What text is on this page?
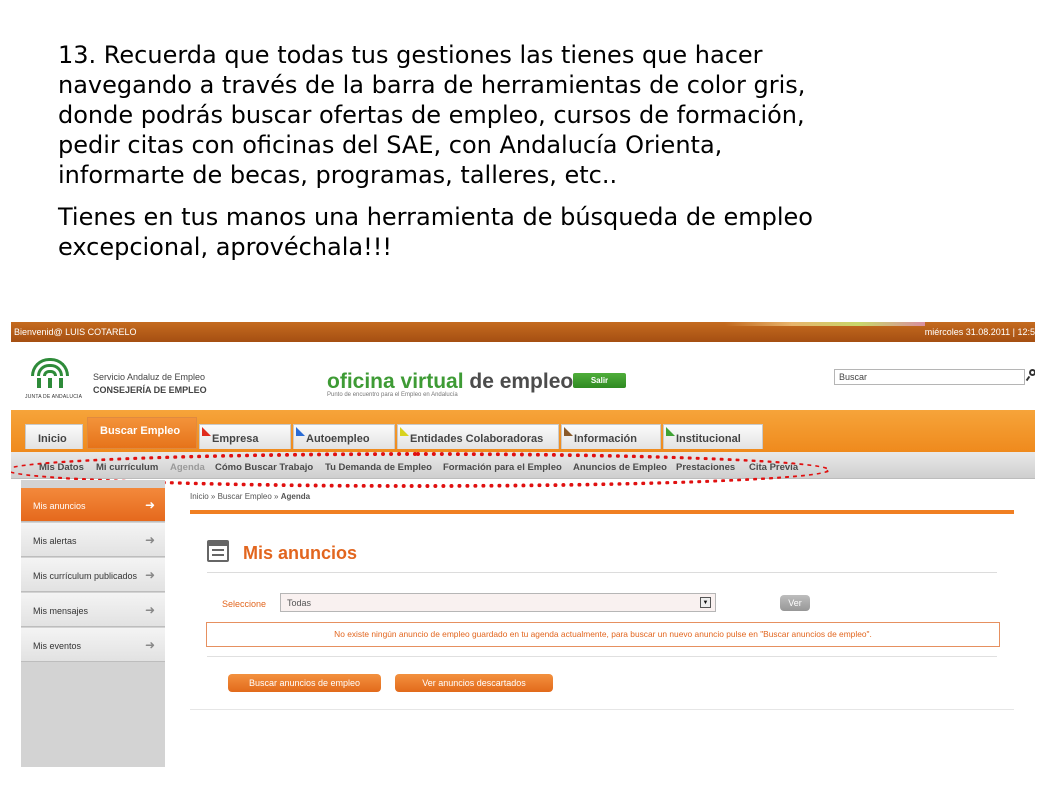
13. Recuerda que todas tus gestiones las tienes que hacer
navegando a través de la barra de herramientas de color gris,
donde podrás buscar ofertas de empleo, cursos de formación,
pedir citas con oficinas del SAE, con Andalucía Orienta,
informarte de becas, programas, talleres, etc..

Tienes en tus manos una herramienta de búsqueda de empleo
excepcional, aprovéchala!!!

Bienvenid@ LUIS COTARELO	miércoles 31.08.2011 | 12:5
JUNTA DE ANDALUCIA
Servicio Andaluz de Empleo
CONSEJERÍA DE EMPLEO	oficina virtual de empleo
Punto de encuentro para el Empleo en Andalucía
Salir
Buscar
Inicio
Buscar Empleo
Empresa	Autoempleo	Entidades Colaboradoras	Información	Institucional
Mis Datos Mi currículum Agenda Cómo Buscar Trabajo Tu Demanda de Empleo Formación para el Empleo Anuncios de Empleo Prestaciones Cita Previa
Mis anuncios	➜
Mis alertas	➜
Mis currículum publicados ➜
Mis mensajes	➜
Mis eventos	➜
Inicio » Buscar Empleo » Agenda
Mis anuncios
Seleccione	Todas	▼	Ver
No existe ningún anuncio de empleo guardado en tu agenda actualmente, para buscar un nuevo anuncio pulse en "Buscar anuncios de empleo".
Buscar anuncios de empleo	Ver anuncios descartados
